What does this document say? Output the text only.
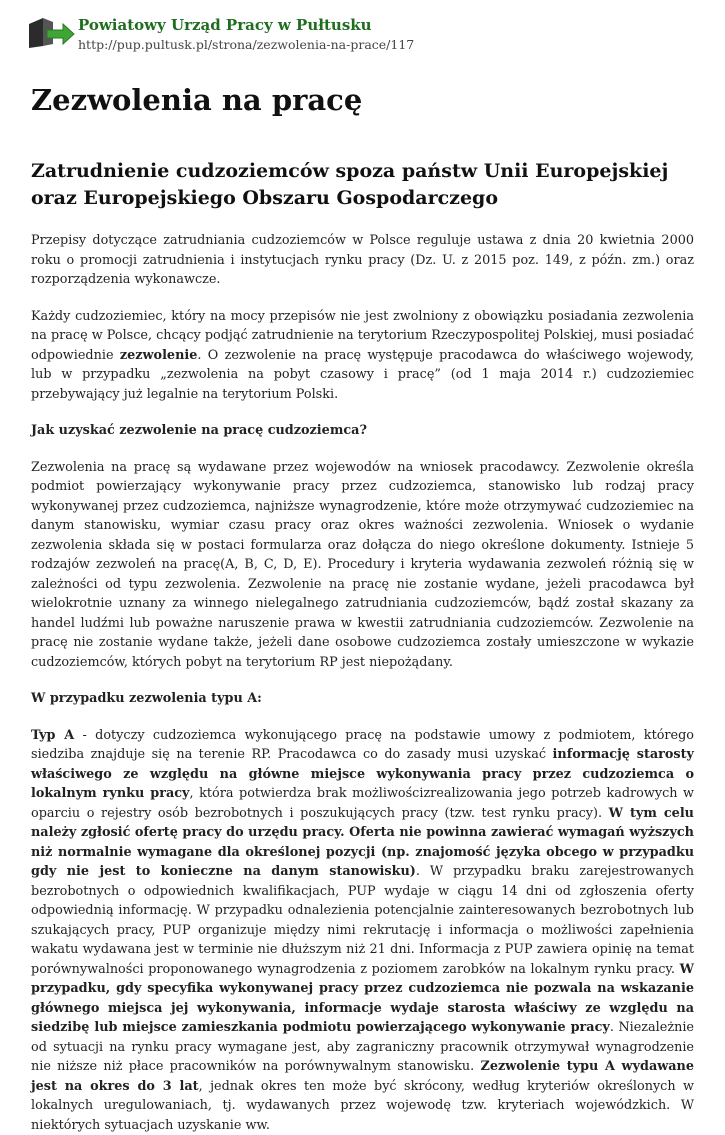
Powiatowy Urząd Pracy w Pułtusku
http://pup.pultusk.pl/strona/zezwolenia-na-prace/117
Zezwolenia na pracę
Zatrudnienie cudzoziemców spoza państw Unii Europejskiej oraz Europejskiego Obszaru Gospodarczego

Przepisy dotyczące zatrudniania cudzoziemców w Polsce reguluje ustawa z dnia 20 kwietnia 2000 roku o promocji zatrudnienia i instytucjach rynku pracy (Dz. U. z 2015 poz. 149, z późn. zm.) oraz rozporządzenia wykonawcze.

Każdy cudzoziemiec, który na mocy przepisów nie jest zwolniony z obowiązku posiadania zezwolenia na pracę w Polsce, chcący podjąć zatrudnienie na terytorium Rzeczypospolitej Polskiej, musi posiadać odpowiednie zezwolenie. O zezwolenie na pracę występuje pracodawca do właściwego wojewody, lub w przypadku „zezwolenia na pobyt czasowy i pracę” (od 1 maja 2014 r.) cudzoziemiec przebywający już legalnie na terytorium Polski.

Jak uzyskać zezwolenie na pracę cudzoziemca?

Zezwolenia na pracę są wydawane przez wojewodów na wniosek pracodawcy. Zezwolenie określa podmiot powierzający wykonywanie pracy przez cudzoziemca, stanowisko lub rodzaj pracy wykonywanej przez cudzoziemca, najniższe wynagrodzenie, które może otrzymywać cudzoziemiec na danym stanowisku, wymiar czasu pracy oraz okres ważności zezwolenia. Wniosek o wydanie zezwolenia składa się w postaci formularza oraz dołącza do niego określone dokumenty. Istnieje 5 rodzajów zezwoleń na pracę(A, B, C, D, E). Procedury i kryteria wydawania zezwoleń różnią się w zależności od typu zezwolenia. Zezwolenie na pracę nie zostanie wydane, jeżeli pracodawca był wielokrotnie uznany za winnego nielegalnego zatrudniania cudzoziemców, bądź został skazany za handel ludźmi lub poważne naruszenie prawa w kwestii zatrudniania cudzoziemców. Zezwolenie na pracę nie zostanie wydane także, jeżeli dane osobowe cudzoziemca zostały umieszczone w wykazie cudzoziemców, których pobyt na terytorium RP jest niepożądany.

W przypadku zezwolenia typu A:

Typ A - dotyczy cudzoziemca wykonującego pracę na podstawie umowy z podmiotem, którego siedziba znajduje się na terenie RP. Pracodawca co do zasady musi uzyskać informację starosty właściwego ze względu na główne miejsce wykonywania pracy przez cudzoziemca o lokalnym rynku pracy, która potwierdza brak możliwościzrealizowania jego potrzeb kadrowych w oparciu o rejestry osób bezrobotnych i poszukujących pracy (tzw. test rynku pracy). W tym celu należy zgłosić ofertę pracy do urzędu pracy. Oferta nie powinna zawierać wymagań wyższych niż normalnie wymagane dla określonej pozycji (np. znajomość języka obcego w przypadku gdy nie jest to konieczne na danym stanowisku). W przypadku braku zarejestrowanych bezrobotnych o odpowiednich kwalifikacjach, PUP wydaje w ciągu 14 dni od zgłoszenia oferty odpowiednią informację. W przypadku odnalezienia potencjalnie zainteresowanych bezrobotnych lub szukających pracy, PUP organizuje między nimi rekrutację i informacja o możliwości zapełnienia wakatu wydawana jest w terminie nie dłuższym niż 21 dni. Informacja z PUP zawiera opinię na temat porównywalności proponowanego wynagrodzenia z poziomem zarobków na lokalnym rynku pracy. W przypadku, gdy specyfika wykonywanej pracy przez cudzoziemca nie pozwala na wskazanie głównego miejsca jej wykonywania, informacje wydaje starosta właściwy ze względu na siedzibę lub miejsce zamieszkania podmiotu powierzającego wykonywanie pracy. Niezależnie od sytuacji na rynku pracy wymagane jest, aby zagraniczny pracownik otrzymywał wynagrodzenie nie niższe niż płace pracowników na porównywalnym stanowisku. Zezwolenie typu A wydawane jest na okres do 3 lat, jednak okres ten może być skrócony, według kryteriów określonych w lokalnych uregulowaniach, tj. wydawanych przez wojewodę tzw. kryteriach wojewódzkich. W niektórych sytuacjach uzyskanie ww.
